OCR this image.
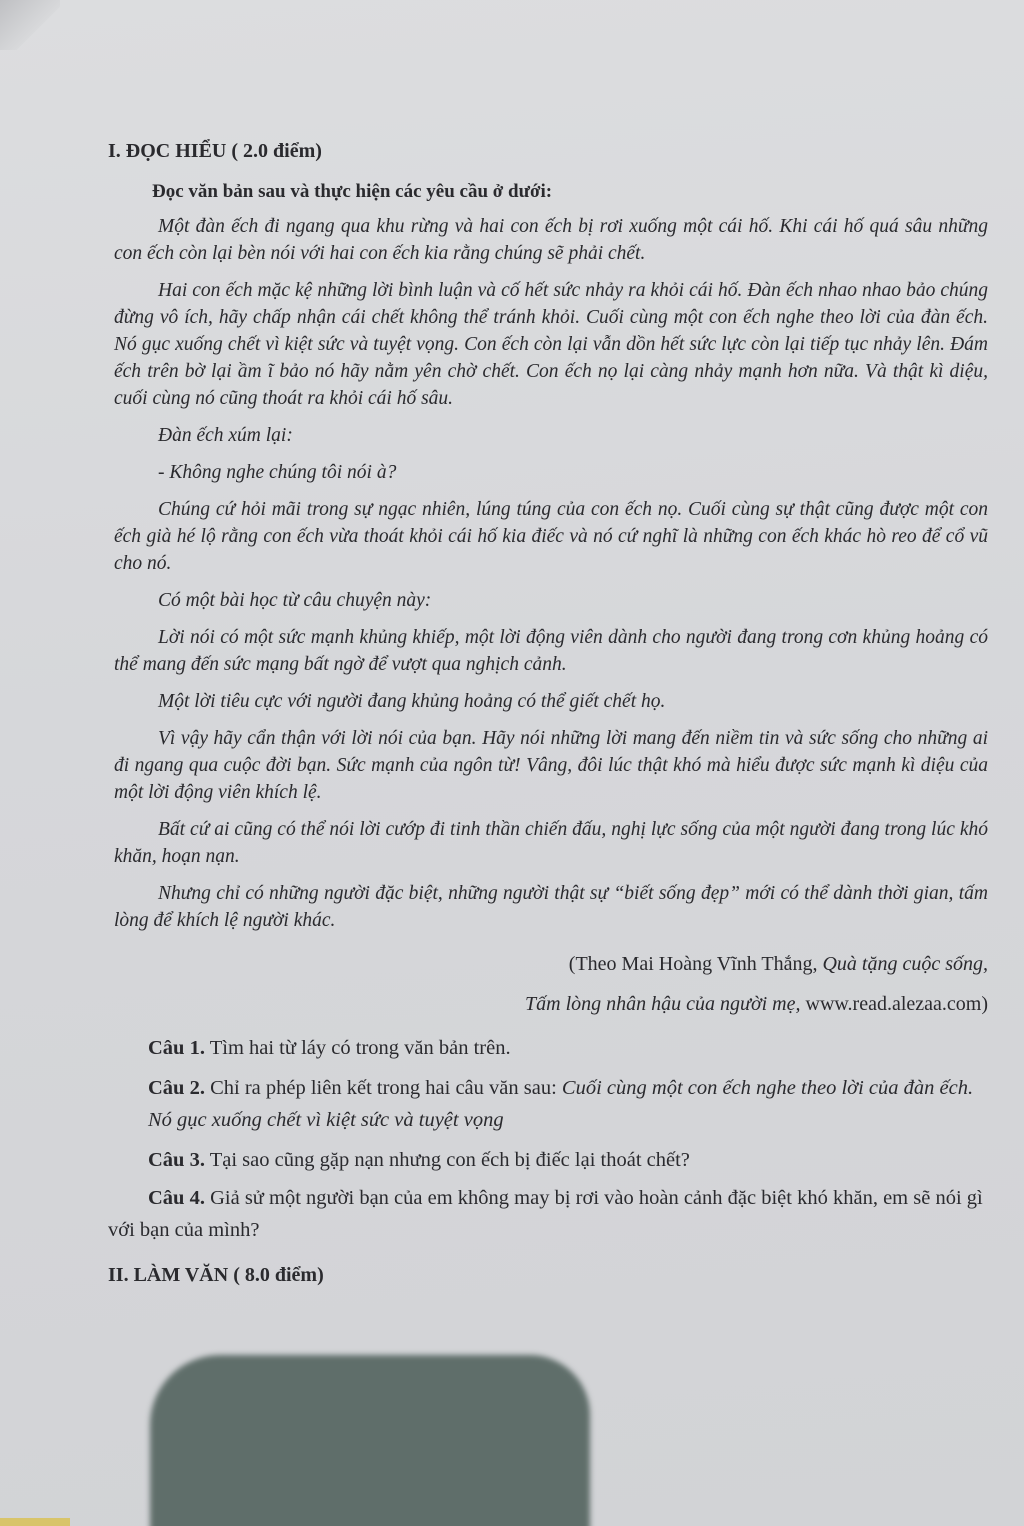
I. ĐỌC HIỂU ( 2.0 điểm)
Đọc văn bản sau và thực hiện các yêu cầu ở dưới:
Một đàn ếch đi ngang qua khu rừng và hai con ếch bị rơi xuống một cái hố. Khi cái hố quá sâu những con ếch còn lại bèn nói với hai con ếch kia rằng chúng sẽ phải chết.
Hai con ếch mặc kệ những lời bình luận và cố hết sức nhảy ra khỏi cái hố. Đàn ếch nhao nhao bảo chúng đừng vô ích, hãy chấp nhận cái chết không thể tránh khỏi. Cuối cùng một con ếch nghe theo lời của đàn ếch. Nó gục xuống chết vì kiệt sức và tuyệt vọng. Con ếch còn lại vẫn dồn hết sức lực còn lại tiếp tục nhảy lên. Đám ếch trên bờ lại ầm ĩ bảo nó hãy nằm yên chờ chết. Con ếch nọ lại càng nhảy mạnh hơn nữa. Và thật kì diệu, cuối cùng nó cũng thoát ra khỏi cái hố sâu.
Đàn ếch xúm lại:
- Không nghe chúng tôi nói à?
Chúng cứ hỏi mãi trong sự ngạc nhiên, lúng túng của con ếch nọ. Cuối cùng sự thật cũng được một con ếch già hé lộ rằng con ếch vừa thoát khỏi cái hố kia điếc và nó cứ nghĩ là những con ếch khác hò reo để cổ vũ cho nó.
Có một bài học từ câu chuyện này:
Lời nói có một sức mạnh khủng khiếp, một lời động viên dành cho người đang trong cơn khủng hoảng có thể mang đến sức mạng bất ngờ để vượt qua nghịch cảnh.
Một lời tiêu cực với người đang khủng hoảng có thể giết chết họ.
Vì vậy hãy cẩn thận với lời nói của bạn. Hãy nói những lời mang đến niềm tin và sức sống cho những ai đi ngang qua cuộc đời bạn. Sức mạnh của ngôn từ! Vâng, đôi lúc thật khó mà hiểu được sức mạnh kì diệu của một lời động viên khích lệ.
Bất cứ ai cũng có thể nói lời cướp đi tinh thần chiến đấu, nghị lực sống của một người đang trong lúc khó khăn, hoạn nạn.
Nhưng chỉ có những người đặc biệt, những người thật sự “biết sống đẹp” mới có thể dành thời gian, tấm lòng để khích lệ người khác.

(Theo Mai Hoàng Vĩnh Thắng, Quà tặng cuộc sống,
Tấm lòng nhân hậu của người mẹ, www.read.alezaa.com)

Câu 1. Tìm hai từ láy có trong văn bản trên.
Câu 2. Chỉ ra phép liên kết trong hai câu văn sau: Cuối cùng một con ếch nghe theo lời của đàn ếch. Nó gục xuống chết vì kiệt sức và tuyệt vọng
Câu 3. Tại sao cũng gặp nạn nhưng con ếch bị điếc lại thoát chết?
Câu 4. Giả sử một người bạn của em không may bị rơi vào hoàn cảnh đặc biệt khó khăn, em sẽ nói gì với bạn của mình?
II. LÀM VĂN ( 8.0 điểm)
